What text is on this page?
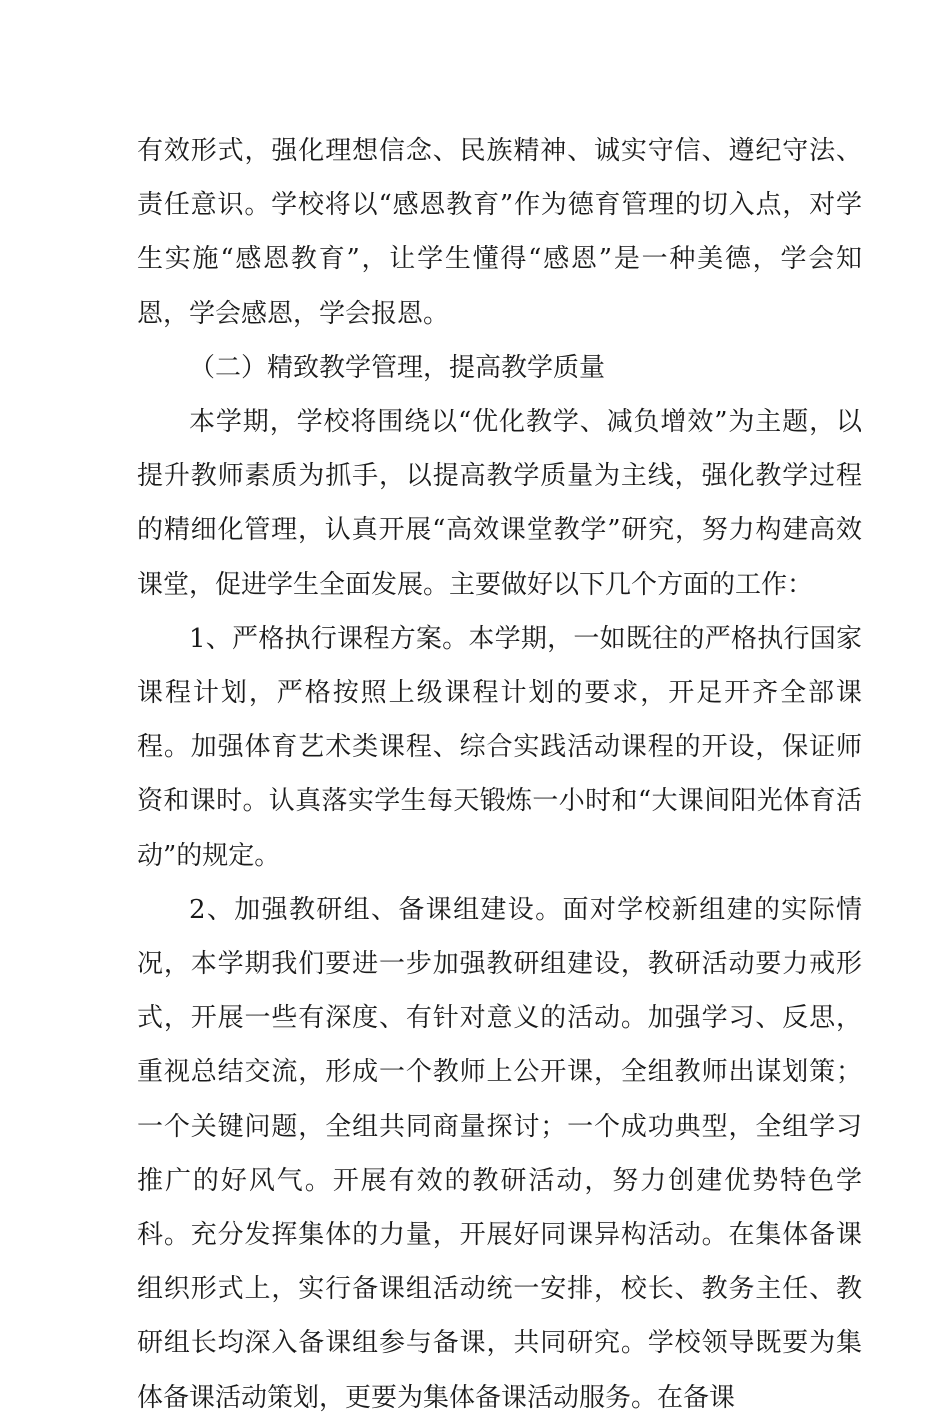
有效形式，强化理想信念、民族精神、诚实守信、遵纪守法、责任意识。学校将以“感恩教育”作为德育管理的切入点，对学生实施“感恩教育”，让学生懂得“感恩”是一种美德，学会知恩，学会感恩，学会报恩。

（二）精致教学管理，提高教学质量

本学期，学校将围绕以“优化教学、减负增效”为主题，以提升教师素质为抓手，以提高教学质量为主线，强化教学过程的精细化管理，认真开展“高效课堂教学”研究，努力构建高效课堂，促进学生全面发展。主要做好以下几个方面的工作：

1、严格执行课程方案。本学期，一如既往的严格执行国家课程计划，严格按照上级课程计划的要求，开足开齐全部课程。加强体育艺术类课程、综合实践活动课程的开设，保证师资和课时。认真落实学生每天锻炼一小时和“大课间阳光体育活动”的规定。

2、加强教研组、备课组建设。面对学校新组建的实际情况，本学期我们要进一步加强教研组建设，教研活动要力戒形式，开展一些有深度、有针对意义的活动。加强学习、反思，重视总结交流，形成一个教师上公开课，全组教师出谋划策；一个关键问题，全组共同商量探讨；一个成功典型，全组学习推广的好风气。开展有效的教研活动，努力创建优势特色学科。充分发挥集体的力量，开展好同课异构活动。在集体备课组织形式上，实行备课组活动统一安排，校长、教务主任、教研组长均深入备课组参与备课，共同研究。学校领导既要为集体备课活动策划，更要为集体备课活动服务。在备课
